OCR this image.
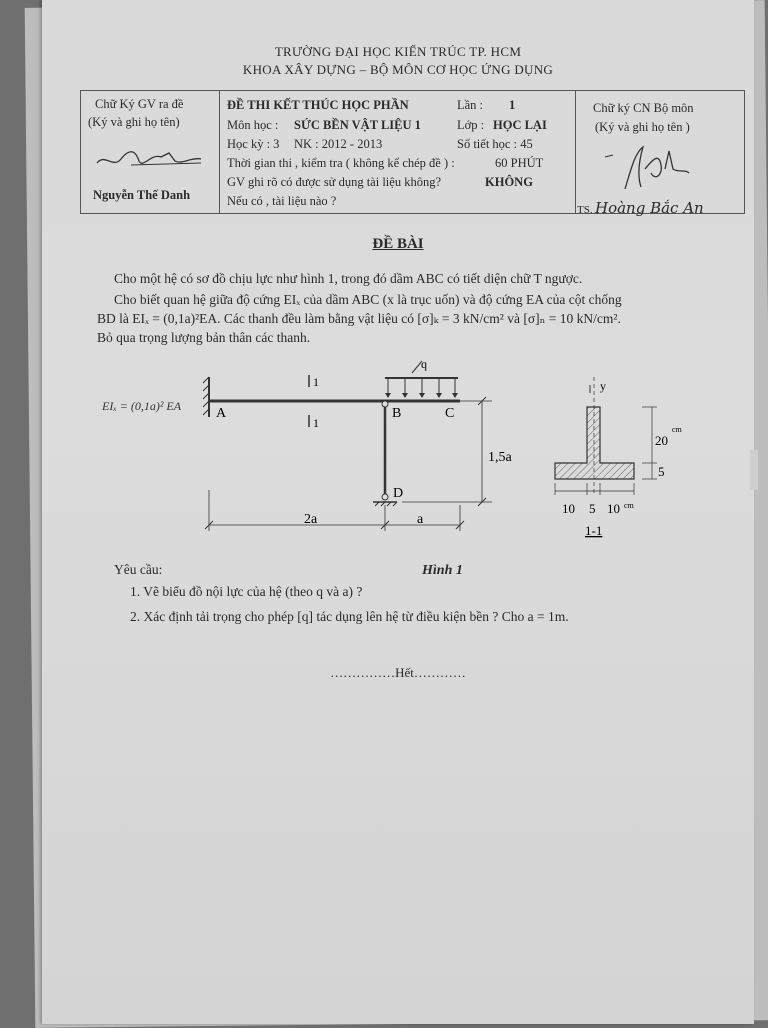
TRƯỜNG ĐẠI HỌC KIẾN TRÚC TP. HCM
KHOA XÂY DỰNG – BỘ MÔN CƠ HỌC ỨNG DỤNG
Chữ Ký GV ra đề
(Ký và ghi họ tên)
Nguyễn Thế Danh
ĐỀ THI KẾT THÚC HỌC PHẦN	Lần : 1
Môn học : SỨC BỀN VẬT LIỆU 1	Lớp : HỌC LẠI
Học kỳ : 3 NK : 2012 - 2013	Số tiết học : 45
Thời gian thi , kiểm tra ( không kể chép đề ) :	60 PHÚT
GV ghi rõ có được sử dụng tài liệu không?	KHÔNG
Nếu có , tài liệu nào ?
Chữ ký CN Bộ môn
(Ký và ghi họ tên )
TS. Hoàng Bắc An
ĐỀ BÀI
Cho một hệ có sơ đồ chịu lực như hình 1, trong đó dầm ABC có tiết diện chữ T ngược.
Cho biết quan hệ giữa độ cứng EIₓ của dầm ABC (x là trục uốn) và độ cứng EA của cột chống
BD là EIₓ = (0,1a)²EA. Các thanh đều làm bằng vật liệu có [σ]ₖ = 3 kN/cm² và [σ]ₙ = 10 kN/cm².
Bỏ qua trọng lượng bản thân các thanh.
EIₓ = (0,1a)² EA
1
1
q
A	B	C
D
1,5a
2a	a
y
20
cm
5
10 5 10 cm
1-1
Yêu cầu:	Hình 1
1. Vẽ biểu đồ nội lực của hệ (theo q và a) ?
2. Xác định tải trọng cho phép [q] tác dụng lên hệ từ điều kiện bền ? Cho a = 1m.
……………Hết…………
